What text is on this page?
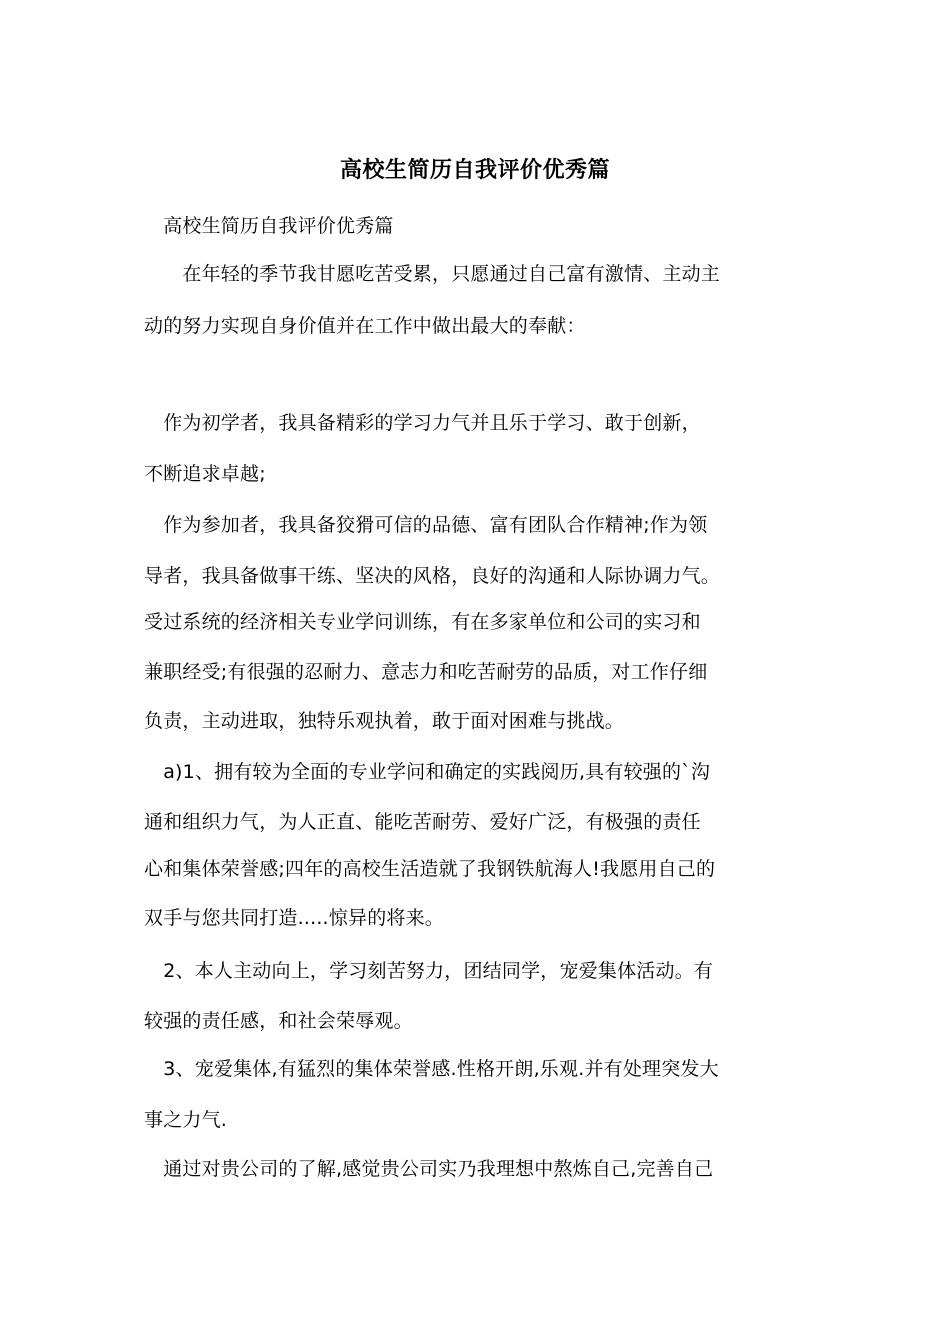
高校生简历自我评价优秀篇
　高校生简历自我评价优秀篇
　　在年轻的季节我甘愿吃苦受累，只愿通过自己富有激情、主动主
动的努力实现自身价值并在工作中做出最大的奉献：
　作为初学者，我具备精彩的学习力气并且乐于学习、敢于创新，
不断追求卓越;
　作为参加者，我具备狡猾可信的品德、富有团队合作精神;作为领
导者，我具备做事干练、坚决的风格，良好的沟通和人际协调力气。
受过系统的经济相关专业学问训练，有在多家单位和公司的实习和
兼职经受;有很强的忍耐力、意志力和吃苦耐劳的品质，对工作仔细
负责，主动进取，独特乐观执着，敢于面对困难与挑战。
　a)1、拥有较为全面的专业学问和确定的实践阅历,具有较强的`沟
通和组织力气，为人正直、能吃苦耐劳、爱好广泛，有极强的责任
心和集体荣誉感;四年的高校生活造就了我钢铁航海人!我愿用自己的
双手与您共同打造.....惊异的将来。
　2、本人主动向上，学习刻苦努力，团结同学，宠爱集体活动。有
较强的责任感，和社会荣辱观。
　3、宠爱集体,有猛烈的集体荣誉感.性格开朗,乐观.并有处理突发大
事之力气.
　通过对贵公司的了解,感觉贵公司实乃我理想中熬炼自己,完善自己
